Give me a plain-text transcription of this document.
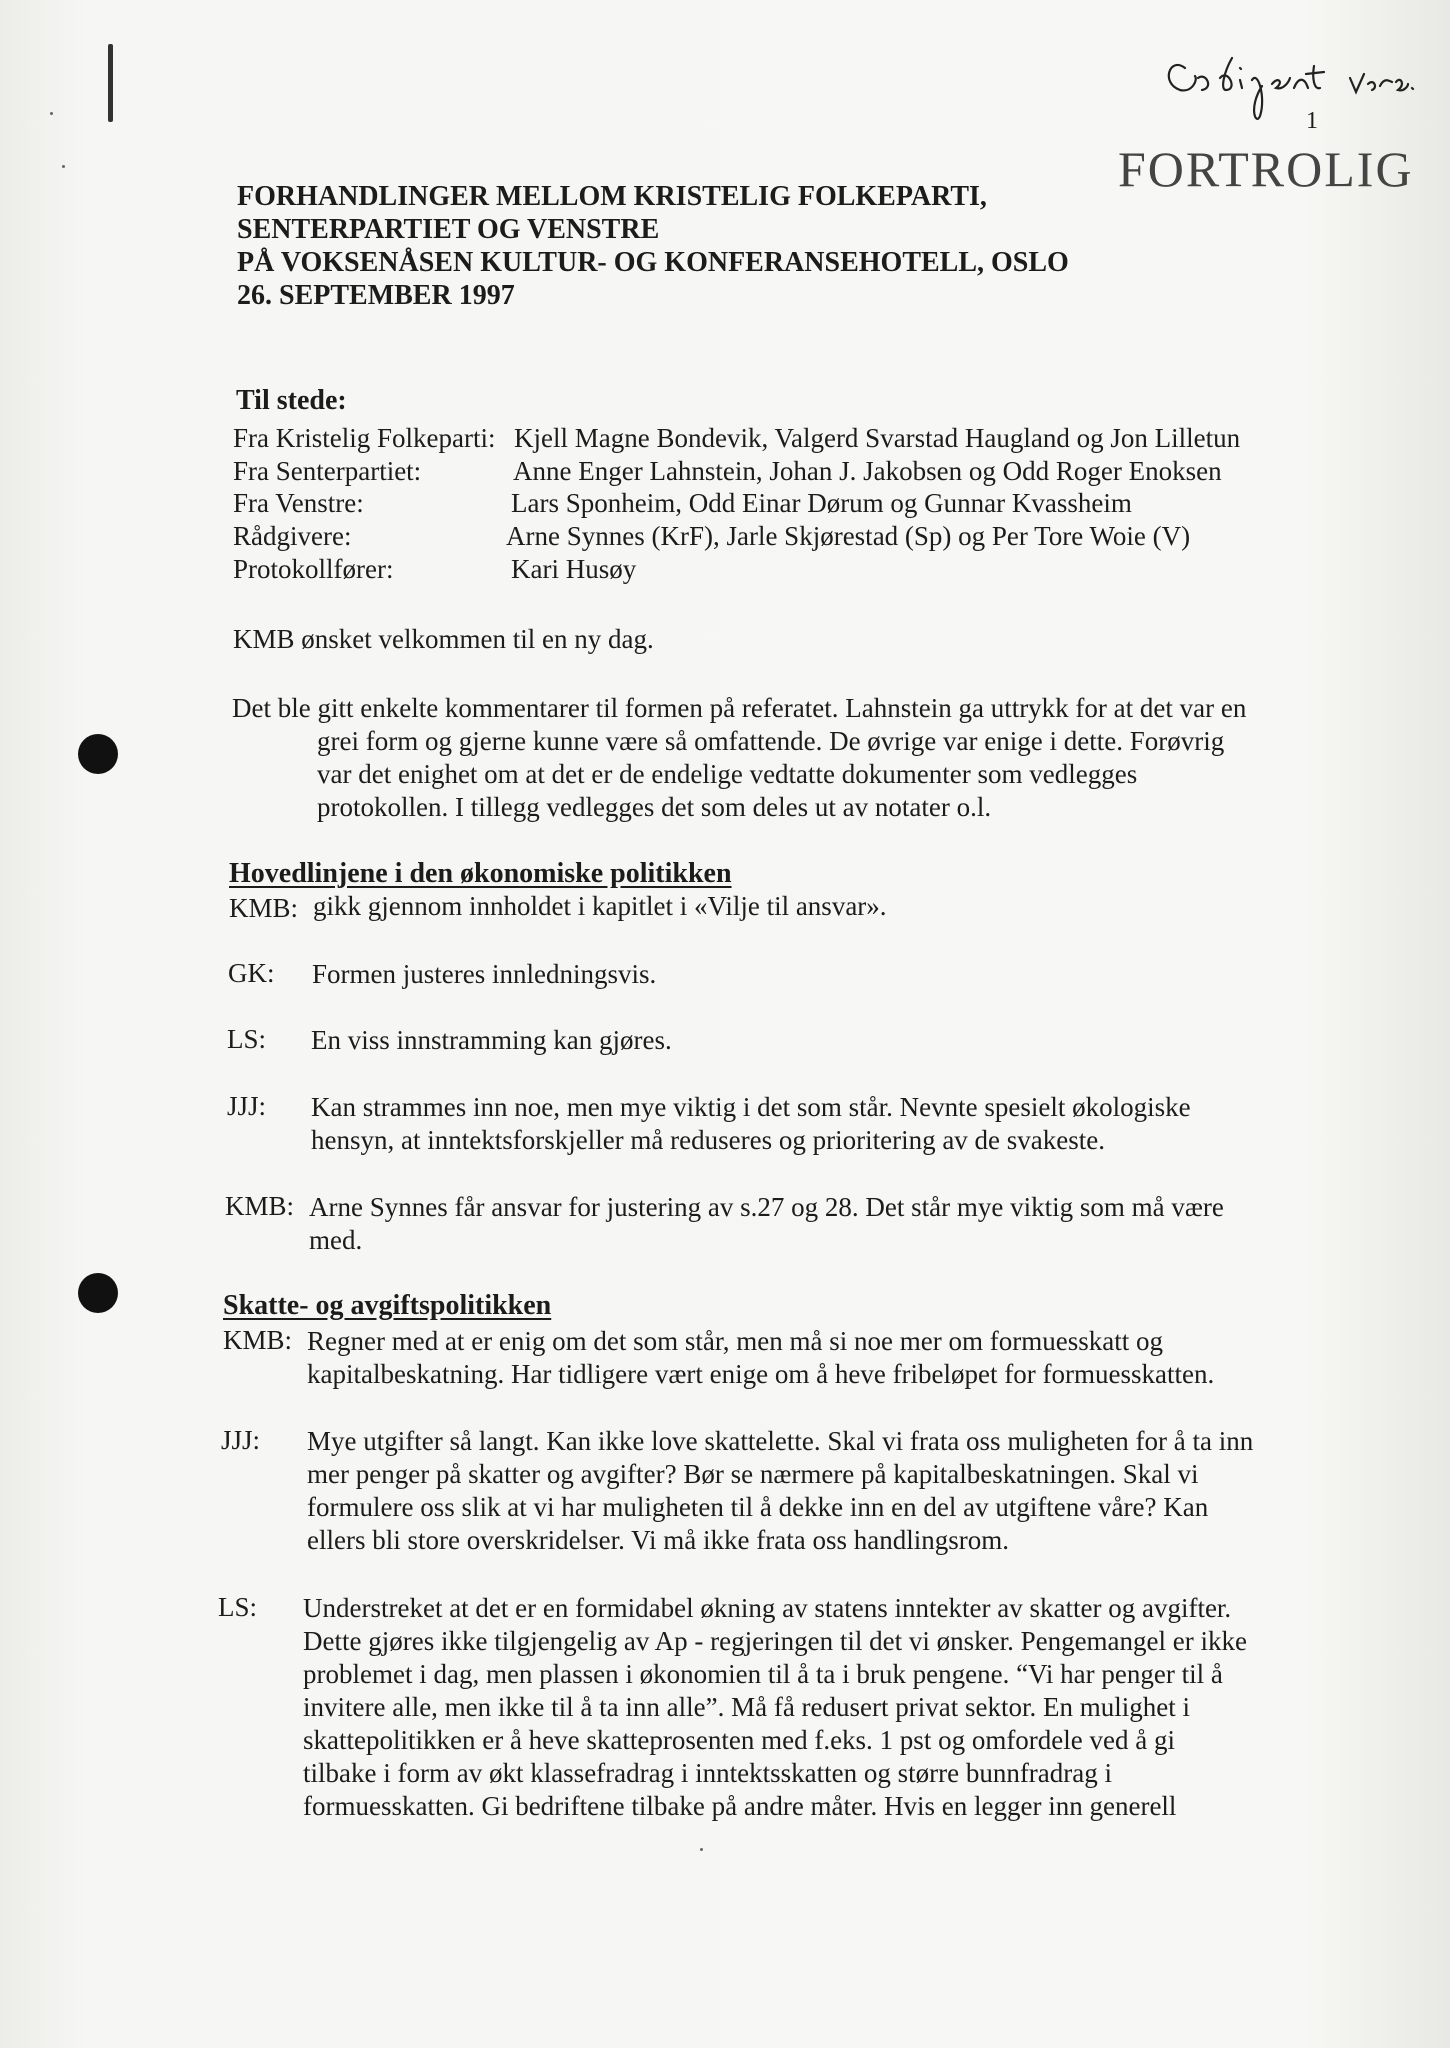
1
FORTROLIG
FORHANDLINGER MELLOM KRISTELIG FOLKEPARTI,
SENTERPARTIET OG VENSTRE
PÅ VOKSENÅSEN KULTUR- OG KONFERANSEHOTELL, OSLO
26. SEPTEMBER 1997
Til stede:
Fra Kristelig Folkeparti: Kjell Magne Bondevik, Valgerd Svarstad Haugland og Jon Lilletun
Fra Senterpartiet:	Anne Enger Lahnstein, Johan J. Jakobsen og Odd Roger Enoksen
Fra Venstre:	Lars Sponheim, Odd Einar Dørum og Gunnar Kvassheim
Rådgivere:	Arne Synnes (KrF), Jarle Skjørestad (Sp) og Per Tore Woie (V)
Protokollfører:	Kari Husøy
KMB ønsket velkommen til en ny dag.
Det ble gitt enkelte kommentarer til formen på referatet. Lahnstein ga uttrykk for at det var en
grei form og gjerne kunne være så omfattende. De øvrige var enige i dette. Forøvrig
var det enighet om at det er de endelige vedtatte dokumenter som vedlegges
protokollen. I tillegg vedlegges det som deles ut av notater o.l.
Hovedlinjene i den økonomiske politikken
KMB: gikk gjennom innholdet i kapitlet i «Vilje til ansvar».
GK: Formen justeres innledningsvis.
LS: En viss innstramming kan gjøres.
JJJ: Kan strammes inn noe, men mye viktig i det som står. Nevnte spesielt økologiske
hensyn, at inntektsforskjeller må reduseres og prioritering av de svakeste.
KMB: Arne Synnes får ansvar for justering av s.27 og 28. Det står mye viktig som må være
med.
Skatte- og avgiftspolitikken
KMB: Regner med at er enig om det som står, men må si noe mer om formuesskatt og
kapitalbeskatning. Har tidligere vært enige om å heve fribeløpet for formuesskatten.
JJJ: Mye utgifter så langt. Kan ikke love skattelette. Skal vi frata oss muligheten for å ta inn
mer penger på skatter og avgifter? Bør se nærmere på kapitalbeskatningen. Skal vi
formulere oss slik at vi har muligheten til å dekke inn en del av utgiftene våre? Kan
ellers bli store overskridelser. Vi må ikke frata oss handlingsrom.
LS: Understreket at det er en formidabel økning av statens inntekter av skatter og avgifter.
Dette gjøres ikke tilgjengelig av Ap - regjeringen til det vi ønsker. Pengemangel er ikke
problemet i dag, men plassen i økonomien til å ta i bruk pengene. “Vi har penger til å
invitere alle, men ikke til å ta inn alle”. Må få redusert privat sektor. En mulighet i
skattepolitikken er å heve skatteprosenten med f.eks. 1 pst og omfordele ved å gi
tilbake i form av økt klassefradrag i inntektsskatten og større bunnfradrag i
formuesskatten. Gi bedriftene tilbake på andre måter. Hvis en legger inn generell
